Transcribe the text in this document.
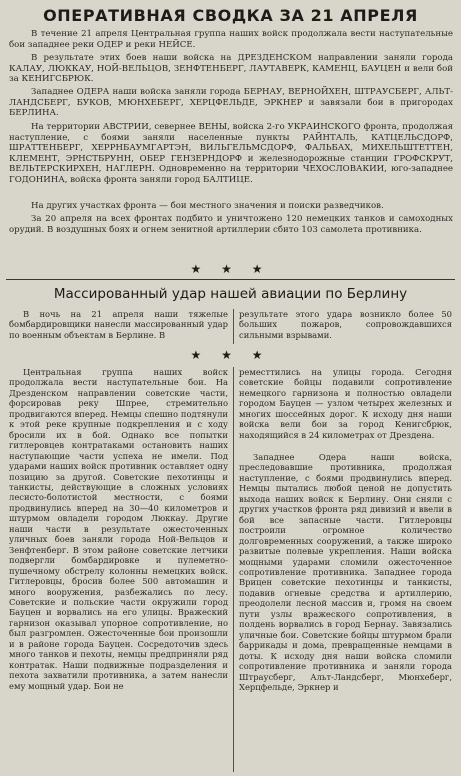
ОПЕРАТИВНАЯ СВОДКА ЗА 21 АПРЕЛЯ

В течение 21 апреля Центральная группа наших войск продолжала вести наступательные бои западнее реки ОДЕР и реки НЕЙСЕ.

В результате этих боев наши войска на ДРЕЗДЕНСКОМ направлении заняли города КАЛАУ, ЛЮККАУ, НОЙ-ВЕЛЬЦОВ, ЗЕНФТЕНБЕРГ, ЛАУТАВЕРК, КАМЕНЦ, БАУЦЕН и вели бой за КЕНИГСБРЮК.

Западнее ОДЕРА наши войска заняли города БЕРНАУ, ВЕРНОЙХЕН, ШТРАУСБЕРГ, АЛЬТ-ЛАНДСБЕРГ, БУКОВ, МЮНХЕБЕРГ, ХЕРЦФЕЛЬДЕ, ЭРКНЕР и завязали бои в пригородах БЕРЛИНА.

На территории АВСТРИИ, севернее ВЕНЫ, войска 2-го УКРАИНСКОГО фронта, продолжая наступление, с боями заняли населенные пункты РАЙНТАЛЬ, КАТЦЕЛЬСДОРФ, ШРАТТЕНБЕРГ, ХЕРРНБАУМГАРТЭН, ВИЛЬГЕЛЬМСДОРФ, ФАЛЬБАХ, МИХЕЛЬШТЕТТЕН, КЛЕМЕНТ, ЭРНСТБРУНН, ОБЕР ГЕНЗЕРНДОРФ и железнодорожные станции ГРОФСКРУТ, ВЕЛЬТЕРСКИРХЕН, НАГЛЕРН. Одновременно на территории ЧЕХОСЛОВАКИИ, юго-западнее ГОДОНИНА, войска фронта заняли город БАЛТИЦЕ.

На других участках фронта — бои местного значения и поиски разведчиков.

За 20 апреля на всех фронтах подбито и уничтожено 120 немецких танков и самоходных орудий. В воздушных боях и огнем зенитной артиллерии сбито 103 самолета противника.

★ ★ ★
Массированный удар нашей авиации по Берлину

В ночь на 21 апреля наши тяжелые бомбардировщики нанесли массированный удар по военным объектам в Берлине. В

результате этого удара возникло более 50 больших пожаров, сопровождавшихся сильными взрывами.

★ ★ ★

Центральная группа наших войск продолжала вести наступательные бои. На Дрезденском направлении советские части, форсировав реку Шпрее, стремительно продвигаются вперед. Немцы спешно подтянули к этой реке крупные подкрепления и с ходу бросили их в бой. Однако все попытки гитлеровцев контратаками остановить наших наступающие части успеха не имели. Под ударами наших войск противник оставляет одну позицию за другой. Советские пехотинцы и танкисты, действующие в сложных условиях лесисто-болотистой местности, с боями продвинулись вперед на 30—40 километров и штурмом овладели городом Люккау. Другие наши части в результате ожесточенных уличных боев заняли города Ной-Вельцов и Зенфтенберг. В этом районе советские летчики подвергли бомбардировке и пулеметно-пушечному обстрелу колонны немецких войск. Гитлеровцы, бросив более 500 автомашин и много вооружения, разбежались по лесу. Советские и польские части окружили город Бауцен и ворвались на его улицы. Вражеский гарнизон оказывал упорное сопротивление, но был разгромлен. Ожесточенные бои произошли и в районе города Бауцен. Сосредоточив здесь много танков и пехоты, немцы предприняли ряд контратак. Наши подвижные подразделения и пехота захватили противника, а затем нанесли ему мощный удар. Бои не

реместтились на улицы города. Сегодня советские бойцы подавили сопротивление немецкого гарнизона и полностью овладели городом Бауцен — узлом четырех железных и многих шоссейных дорог. К исходу дня наши войска вели бои за город Кенигсбрюк, находящийся в 24 километрах от Дрездена.

Западнее Одера наши войска, преследовавшие противника, продолжая наступление, с боями продвинулись вперед. Немцы пытались любой ценой не допустить выхода наших войск к Берлину. Они сняли с других участков фронта ряд дивизий и ввели в бой все запасные части. Гитлеровцы построили огромное количество долговременных сооружений, а также широко развитые полевые укрепления. Наши войска мощными ударами сломили ожесточенное сопротивление противника. Западнее города Врицен советские пехотинцы и танкисты, подавив огневые средства и артиллерию, преодолели лесной массив и, громя на своем пути узлы вражеского сопротивления, в полдень ворвались в город Бернау. Завязались уличные бои. Советские бойцы штурмом брали баррикады и дома, превращенные немцами в доты. К исходу дня наши войска сломили сопротивление противника и заняли города Штраусберг, Альт-Ландсберг, Мюнхеберг, Херцфельде, Эркнер и
